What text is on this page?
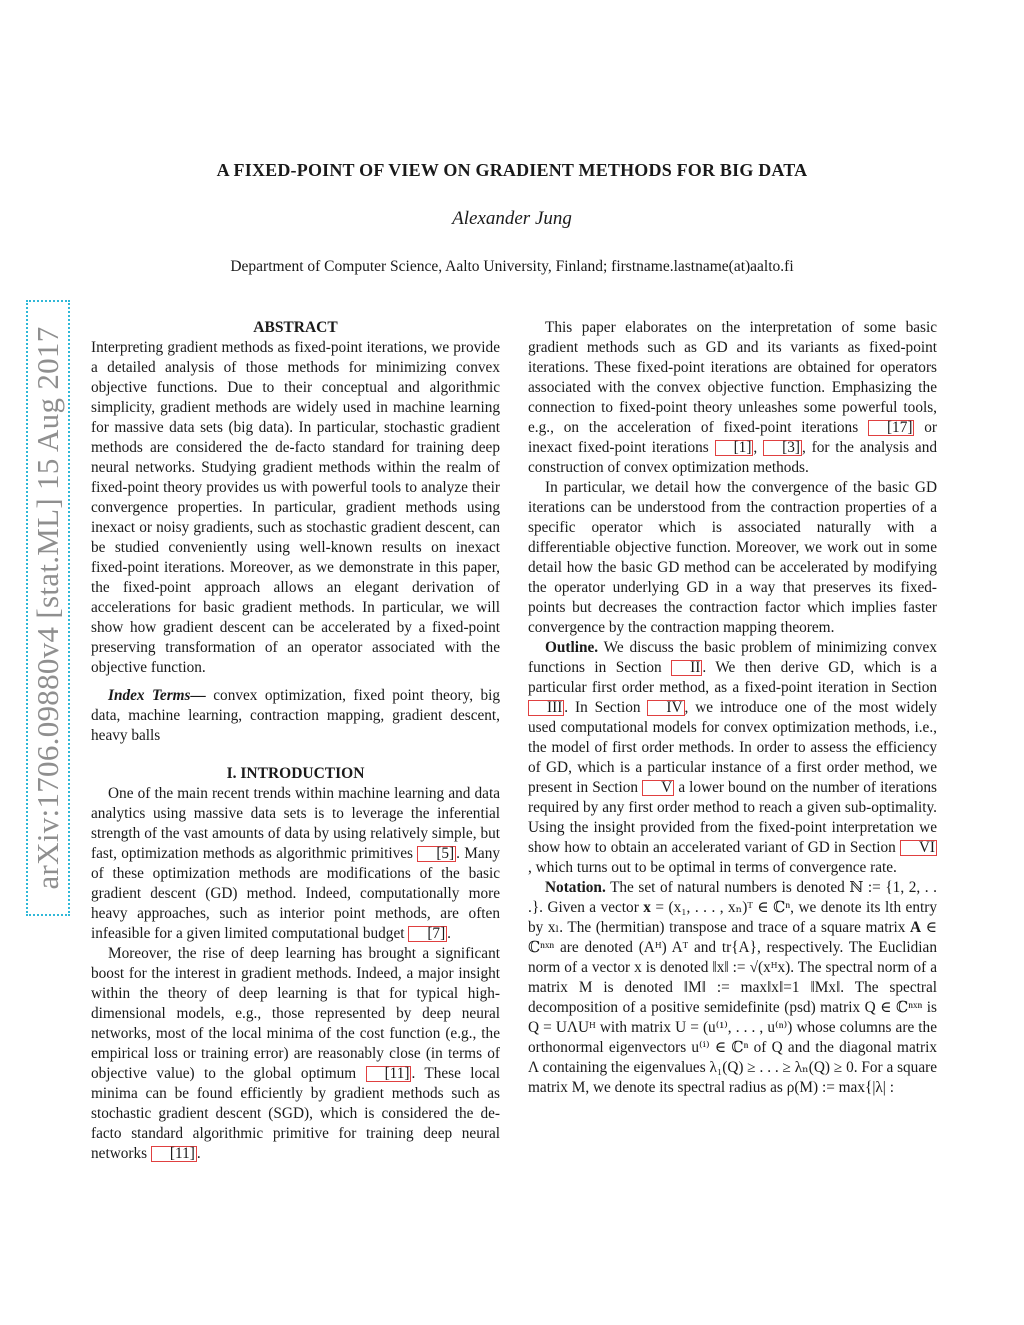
arXiv:1706.09880v4 [stat.ML] 15 Aug 2017
A FIXED-POINT OF VIEW ON GRADIENT METHODS FOR BIG DATA
Alexander Jung
Department of Computer Science, Aalto University, Finland; firstname.lastname(at)aalto.fi
ABSTRACT

Interpreting gradient methods as fixed-point iterations, we provide a detailed analysis of those methods for minimizing convex objective functions. Due to their conceptual and algorithmic simplicity, gradient methods are widely used in machine learning for massive data sets (big data). In particular, stochastic gradient methods are considered the de-facto standard for training deep neural networks. Studying gradient methods within the realm of fixed-point theory provides us with powerful tools to analyze their convergence properties. In particular, gradient methods using inexact or noisy gradients, such as stochastic gradient descent, can be studied conveniently using well-known results on inexact fixed-point iterations. Moreover, as we demonstrate in this paper, the fixed-point approach allows an elegant derivation of accelerations for basic gradient methods. In particular, we will show how gradient descent can be accelerated by a fixed-point preserving transformation of an operator associated with the objective function.

Index Terms— convex optimization, fixed point theory, big data, machine learning, contraction mapping, gradient descent, heavy balls

I. INTRODUCTION

One of the main recent trends within machine learning and data analytics using massive data sets is to leverage the inferential strength of the vast amounts of data by using relatively simple, but fast, optimization methods as algorithmic primitives [5] . Many of these optimization methods are modifications of the basic gradient descent (GD) method. Indeed, computationally more heavy approaches, such as interior point methods, are often infeasible for a given limited computational budget [7] .

Moreover, the rise of deep learning has brought a significant boost for the interest in gradient methods. Indeed, a major insight within the theory of deep learning is that for typical high-dimensional models, e.g., those represented by deep neural networks, most of the local minima of the cost function (e.g., the empirical loss or training error) are reasonably close (in terms of objective value) to the global optimum [11] . These local minima can be found efficiently by gradient methods such as stochastic gradient descent (SGD), which is considered the de-facto standard algorithmic primitive for training deep neural networks [11] .

This paper elaborates on the interpretation of some basic gradient methods such as GD and its variants as fixed-point iterations. These fixed-point iterations are obtained for operators associated with the convex objective function. Emphasizing the connection to fixed-point theory unleashes some powerful tools, e.g., on the acceleration of fixed-point iterations [17] or inexact fixed-point iterations [1] , [3] , for the analysis and construction of convex optimization methods.

In particular, we detail how the convergence of the basic GD iterations can be understood from the contraction properties of a specific operator which is associated naturally with a differentiable objective function. Moreover, we work out in some detail how the basic GD method can be accelerated by modifying the operator underlying GD in a way that preserves its fixed-points but decreases the contraction factor which implies faster convergence by the contraction mapping theorem.

Outline. We discuss the basic problem of minimizing convex functions in Section II . We then derive GD, which is a particular first order method, as a fixed-point iteration in Section III . In Section IV , we introduce one of the most widely used computational models for convex optimization methods, i.e., the model of first order methods. In order to assess the efficiency of GD, which is a particular instance of a first order method, we present in Section V a lower bound on the number of iterations required by any first order method to reach a given sub-optimality. Using the insight provided from the fixed-point interpretation we show how to obtain an accelerated variant of GD in Section VI, which turns out to be optimal in terms of convergence rate.

Notation. The set of natural numbers is denoted ℕ := {1, 2, . . .}. Given a vector x = (x₁, . . . , xₙ)ᵀ ∈ ℂⁿ, we denote its lth entry by xₗ. The (hermitian) transpose and trace of a square matrix A ∈ ℂⁿˣⁿ are denoted (Aᴴ) Aᵀ and tr{A}, respectively. The Euclidian norm of a vector x is denoted ‖x‖ := √(xᴴx). The spectral norm of a matrix M is denoted ‖M‖ := max‖x‖=1 ‖Mx‖. The spectral decomposition of a positive semidefinite (psd) matrix Q ∈ ℂⁿˣⁿ is Q = UΛUᴴ with matrix U = (u⁽¹⁾, . . . , u⁽ⁿ⁾) whose columns are the orthonormal eigenvectors u⁽ⁱ⁾ ∈ ℂⁿ of Q and the diagonal matrix Λ containing the eigenvalues λ₁(Q) ≥ . . . ≥ λₙ(Q) ≥ 0. For a square matrix M, we denote its spectral radius as ρ(M) := max{|λ| :
